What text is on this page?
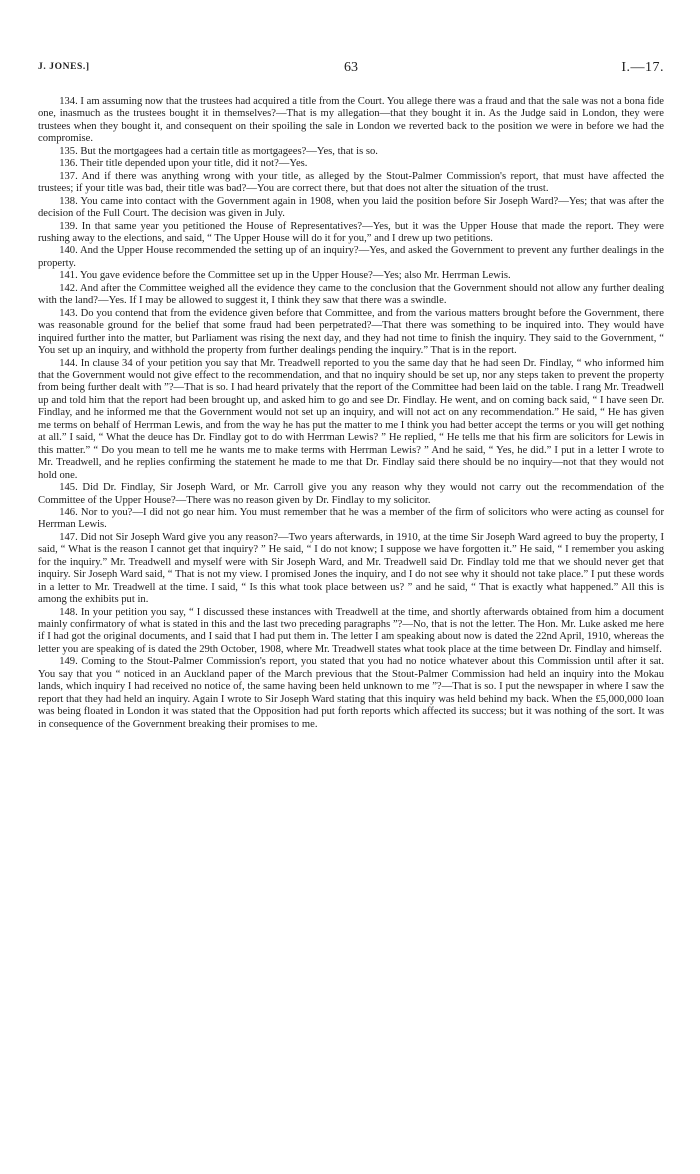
J. JONES.]	63	I.—17.

134. I am assuming now that the trustees had acquired a title from the Court. You allege there was a fraud and that the sale was not a bona fide one, inasmuch as the trustees bought it in themselves?—That is my allegation—that they bought it in. As the Judge said in London, they were trustees when they bought it, and consequent on their spoiling the sale in London we reverted back to the position we were in before we had the compromise.

135. But the mortgagees had a certain title as mortgagees?—Yes, that is so.

136. Their title depended upon your title, did it not?—Yes.

137. And if there was anything wrong with your title, as alleged by the Stout-Palmer Commission's report, that must have affected the trustees; if your title was bad, their title was bad?—You are correct there, but that does not alter the situation of the trust.

138. You came into contact with the Government again in 1908, when you laid the position before Sir Joseph Ward?—Yes; that was after the decision of the Full Court. The decision was given in July.

139. In that same year you petitioned the House of Representatives?—Yes, but it was the Upper House that made the report. They were rushing away to the elections, and said, “ The Upper House will do it for you,” and I drew up two petitions.

140. And the Upper House recommended the setting up of an inquiry?—Yes, and asked the Government to prevent any further dealings in the property.

141. You gave evidence before the Committee set up in the Upper House?—Yes; also Mr. Herrman Lewis.

142. And after the Committee weighed all the evidence they came to the conclusion that the Government should not allow any further dealing with the land?—Yes. If I may be allowed to suggest it, I think they saw that there was a swindle.

143. Do you contend that from the evidence given before that Committee, and from the various matters brought before the Government, there was reasonable ground for the belief that some fraud had been perpetrated?—That there was something to be inquired into. They would have inquired further into the matter, but Parliament was rising the next day, and they had not time to finish the inquiry. They said to the Government, “ You set up an inquiry, and withhold the property from further dealings pending the inquiry.” That is in the report.

144. In clause 34 of your petition you say that Mr. Treadwell reported to you the same day that he had seen Dr. Findlay, “ who informed him that the Government would not give effect to the recommendation, and that no inquiry should be set up, nor any steps taken to prevent the property from being further dealt with ”?—That is so. I had heard privately that the report of the Committee had been laid on the table. I rang Mr. Treadwell up and told him that the report had been brought up, and asked him to go and see Dr. Findlay. He went, and on coming back said, “ I have seen Dr. Findlay, and he informed me that the Government would not set up an inquiry, and will not act on any recommendation.” He said, “ He has given me terms on behalf of Herrman Lewis, and from the way he has put the matter to me I think you had better accept the terms or you will get nothing at all.” I said, “ What the deuce has Dr. Findlay got to do with Herrman Lewis? ” He replied, “ He tells me that his firm are solicitors for Lewis in this matter.” “ Do you mean to tell me he wants me to make terms with Herrman Lewis? ” And he said, “ Yes, he did.” I put in a letter I wrote to Mr. Treadwell, and he replies confirming the statement he made to me that Dr. Findlay said there should be no inquiry—not that they would not hold one.

145. Did Dr. Findlay, Sir Joseph Ward, or Mr. Carroll give you any reason why they would not carry out the recommendation of the Committee of the Upper House?—There was no reason given by Dr. Findlay to my solicitor.

146. Nor to you?—I did not go near him. You must remember that he was a member of the firm of solicitors who were acting as counsel for Herrman Lewis.

147. Did not Sir Joseph Ward give you any reason?—Two years afterwards, in 1910, at the time Sir Joseph Ward agreed to buy the property, I said, “ What is the reason I cannot get that inquiry? ” He said, “ I do not know; I suppose we have forgotten it.” He said, “ I remember you asking for the inquiry.” Mr. Treadwell and myself were with Sir Joseph Ward, and Mr. Treadwell said Dr. Findlay told me that we should never get that inquiry. Sir Joseph Ward said, “ That is not my view. I promised Jones the inquiry, and I do not see why it should not take place.” I put these words in a letter to Mr. Treadwell at the time. I said, “ Is this what took place between us? ” and he said, “ That is exactly what happened.” All this is among the exhibits put in.

148. In your petition you say, “ I discussed these instances with Treadwell at the time, and shortly afterwards obtained from him a document mainly confirmatory of what is stated in this and the last two preceding paragraphs ”?—No, that is not the letter. The Hon. Mr. Luke asked me here if I had got the original documents, and I said that I had put them in. The letter I am speaking about now is dated the 22nd April, 1910, whereas the letter you are speaking of is dated the 29th October, 1908, where Mr. Treadwell states what took place at the time between Dr. Findlay and himself.

149. Coming to the Stout-Palmer Commission's report, you stated that you had no notice whatever about this Commission until after it sat. You say that you “ noticed in an Auckland paper of the March previous that the Stout-Palmer Commission had held an inquiry into the Mokau lands, which inquiry I had received no notice of, the same having been held unknown to me ”?—That is so. I put the newspaper in where I saw the report that they had held an inquiry. Again I wrote to Sir Joseph Ward stating that this inquiry was held behind my back. When the £5,000,000 loan was being floated in London it was stated that the Opposition had put forth reports which affected its success; but it was nothing of the sort. It was in consequence of the Government breaking their promises to me.
